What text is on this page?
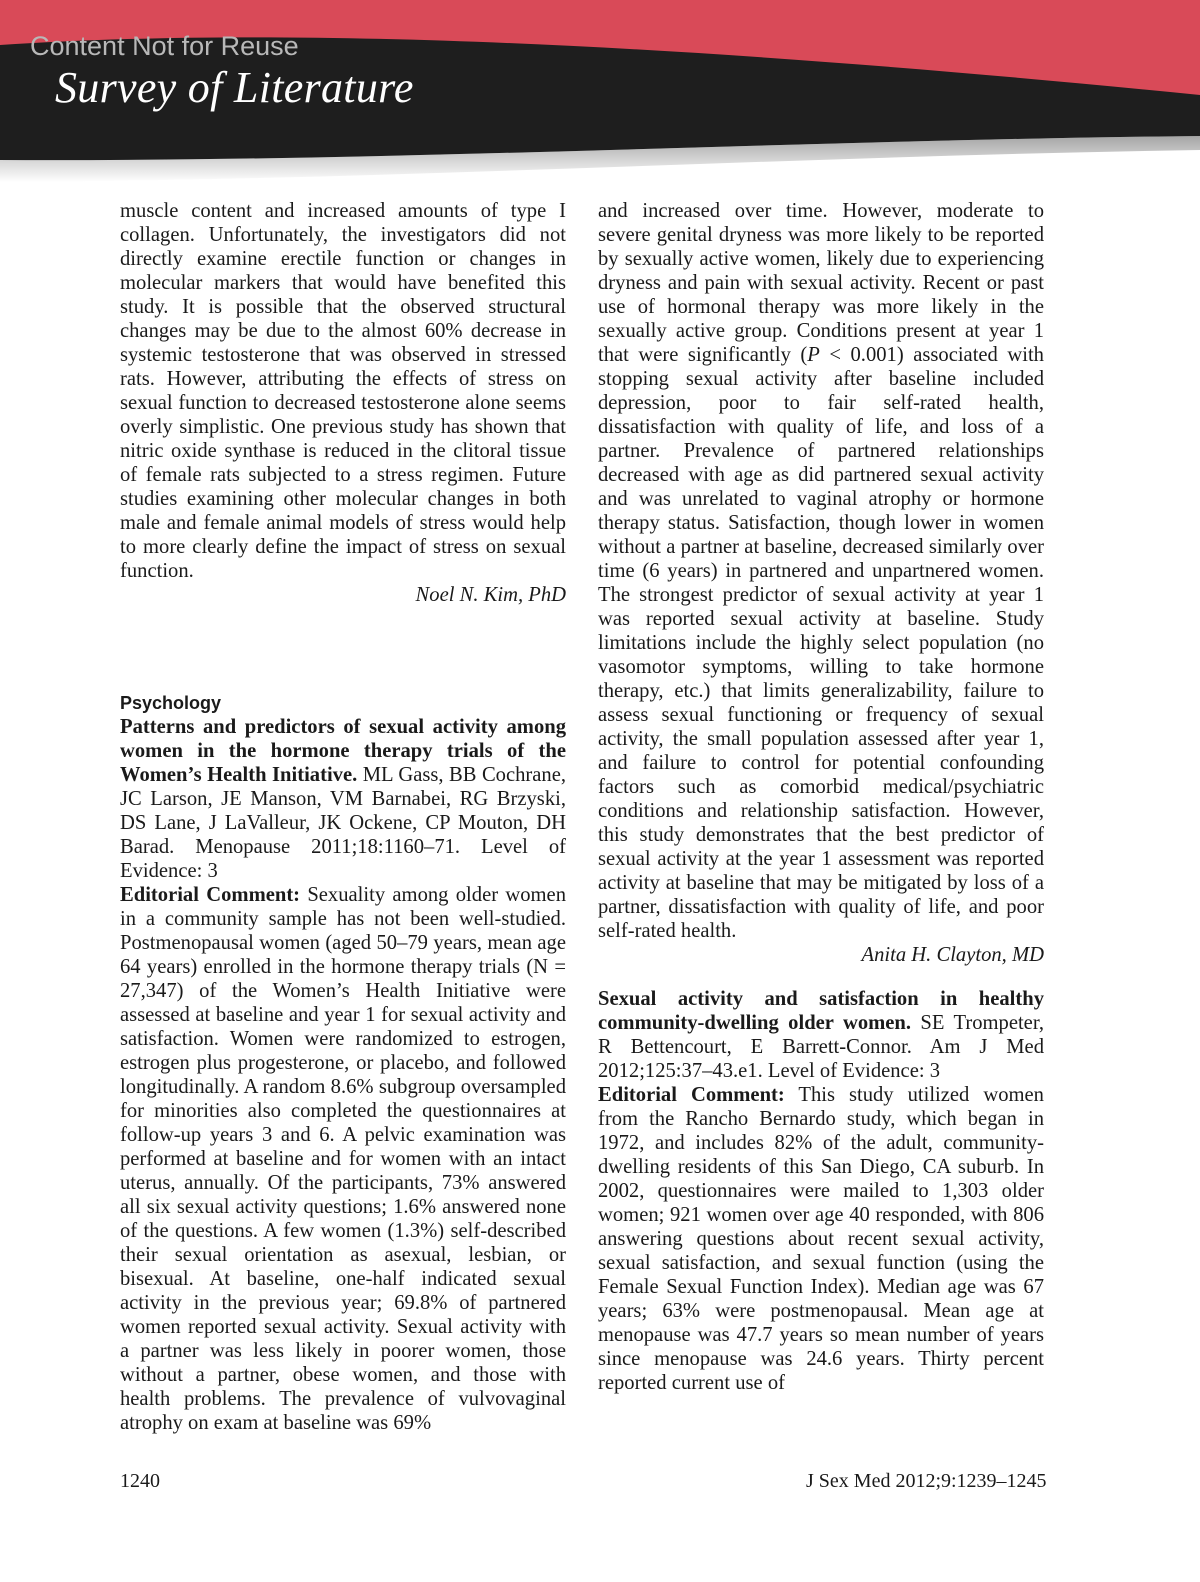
Content Not for Reuse
Survey of Literature

muscle content and increased amounts of type I collagen. Unfortunately, the investigators did not directly examine erectile function or changes in molecular markers that would have benefited this study. It is possible that the observed structural changes may be due to the almost 60% decrease in systemic testosterone that was observed in stressed rats. However, attributing the effects of stress on sexual function to decreased testosterone alone seems overly simplistic. One previous study has shown that nitric oxide synthase is reduced in the clitoral tissue of female rats subjected to a stress regimen. Future studies examining other molecular changes in both male and female animal models of stress would help to more clearly define the impact of stress on sexual function.

Noel N. Kim, PhD

Psychology

Patterns and predictors of sexual activity among women in the hormone therapy trials of the Women’s Health Initiative. ML Gass, BB Cochrane, JC Larson, JE Manson, VM Barnabei, RG Brzyski, DS Lane, J LaValleur, JK Ockene, CP Mouton, DH Barad. Menopause 2011;18:1160–71. Level of Evidence: 3

Editorial Comment: Sexuality among older women in a community sample has not been well-studied. Postmenopausal women (aged 50–79 years, mean age 64 years) enrolled in the hormone therapy trials (N = 27,347) of the Women’s Health Initiative were assessed at baseline and year 1 for sexual activity and satisfaction. Women were randomized to estrogen, estrogen plus progesterone, or placebo, and followed longitudinally. A random 8.6% subgroup oversampled for minorities also completed the questionnaires at follow-up years 3 and 6. A pelvic examination was performed at baseline and for women with an intact uterus, annually. Of the participants, 73% answered all six sexual activity questions; 1.6% answered none of the questions. A few women (1.3%) self-described their sexual orientation as asexual, lesbian, or bisexual. At baseline, one-half indicated sexual activity in the previous year; 69.8% of partnered women reported sexual activity. Sexual activity with a partner was less likely in poorer women, those without a partner, obese women, and those with health problems. The prevalence of vulvovaginal atrophy on exam at baseline was 69%

and increased over time. However, moderate to severe genital dryness was more likely to be reported by sexually active women, likely due to experiencing dryness and pain with sexual activity. Recent or past use of hormonal therapy was more likely in the sexually active group. Conditions present at year 1 that were significantly (P < 0.001) associated with stopping sexual activity after baseline included depression, poor to fair self-rated health, dissatisfaction with quality of life, and loss of a partner. Prevalence of partnered relationships decreased with age as did partnered sexual activity and was unrelated to vaginal atrophy or hormone therapy status. Satisfaction, though lower in women without a partner at baseline, decreased similarly over time (6 years) in partnered and unpartnered women. The strongest predictor of sexual activity at year 1 was reported sexual activity at baseline. Study limitations include the highly select population (no vasomotor symptoms, willing to take hormone therapy, etc.) that limits generalizability, failure to assess sexual functioning or frequency of sexual activity, the small population assessed after year 1, and failure to control for potential confounding factors such as comorbid medical/psychiatric conditions and relationship satisfaction. However, this study demonstrates that the best predictor of sexual activity at the year 1 assessment was reported activity at baseline that may be mitigated by loss of a partner, dissatisfaction with quality of life, and poor self-rated health.

Anita H. Clayton, MD

Sexual activity and satisfaction in healthy community-dwelling older women. SE Trompeter, R Bettencourt, E Barrett-Connor. Am J Med 2012;125:37–43.e1. Level of Evidence: 3

Editorial Comment: This study utilized women from the Rancho Bernardo study, which began in 1972, and includes 82% of the adult, community-dwelling residents of this San Diego, CA suburb. In 2002, questionnaires were mailed to 1,303 older women; 921 women over age 40 responded, with 806 answering questions about recent sexual activity, sexual satisfaction, and sexual function (using the Female Sexual Function Index). Median age was 67 years; 63% were postmenopausal. Mean age at menopause was 47.7 years so mean number of years since menopause was 24.6 years. Thirty percent reported current use of

1240	J Sex Med 2012;9:1239–1245
